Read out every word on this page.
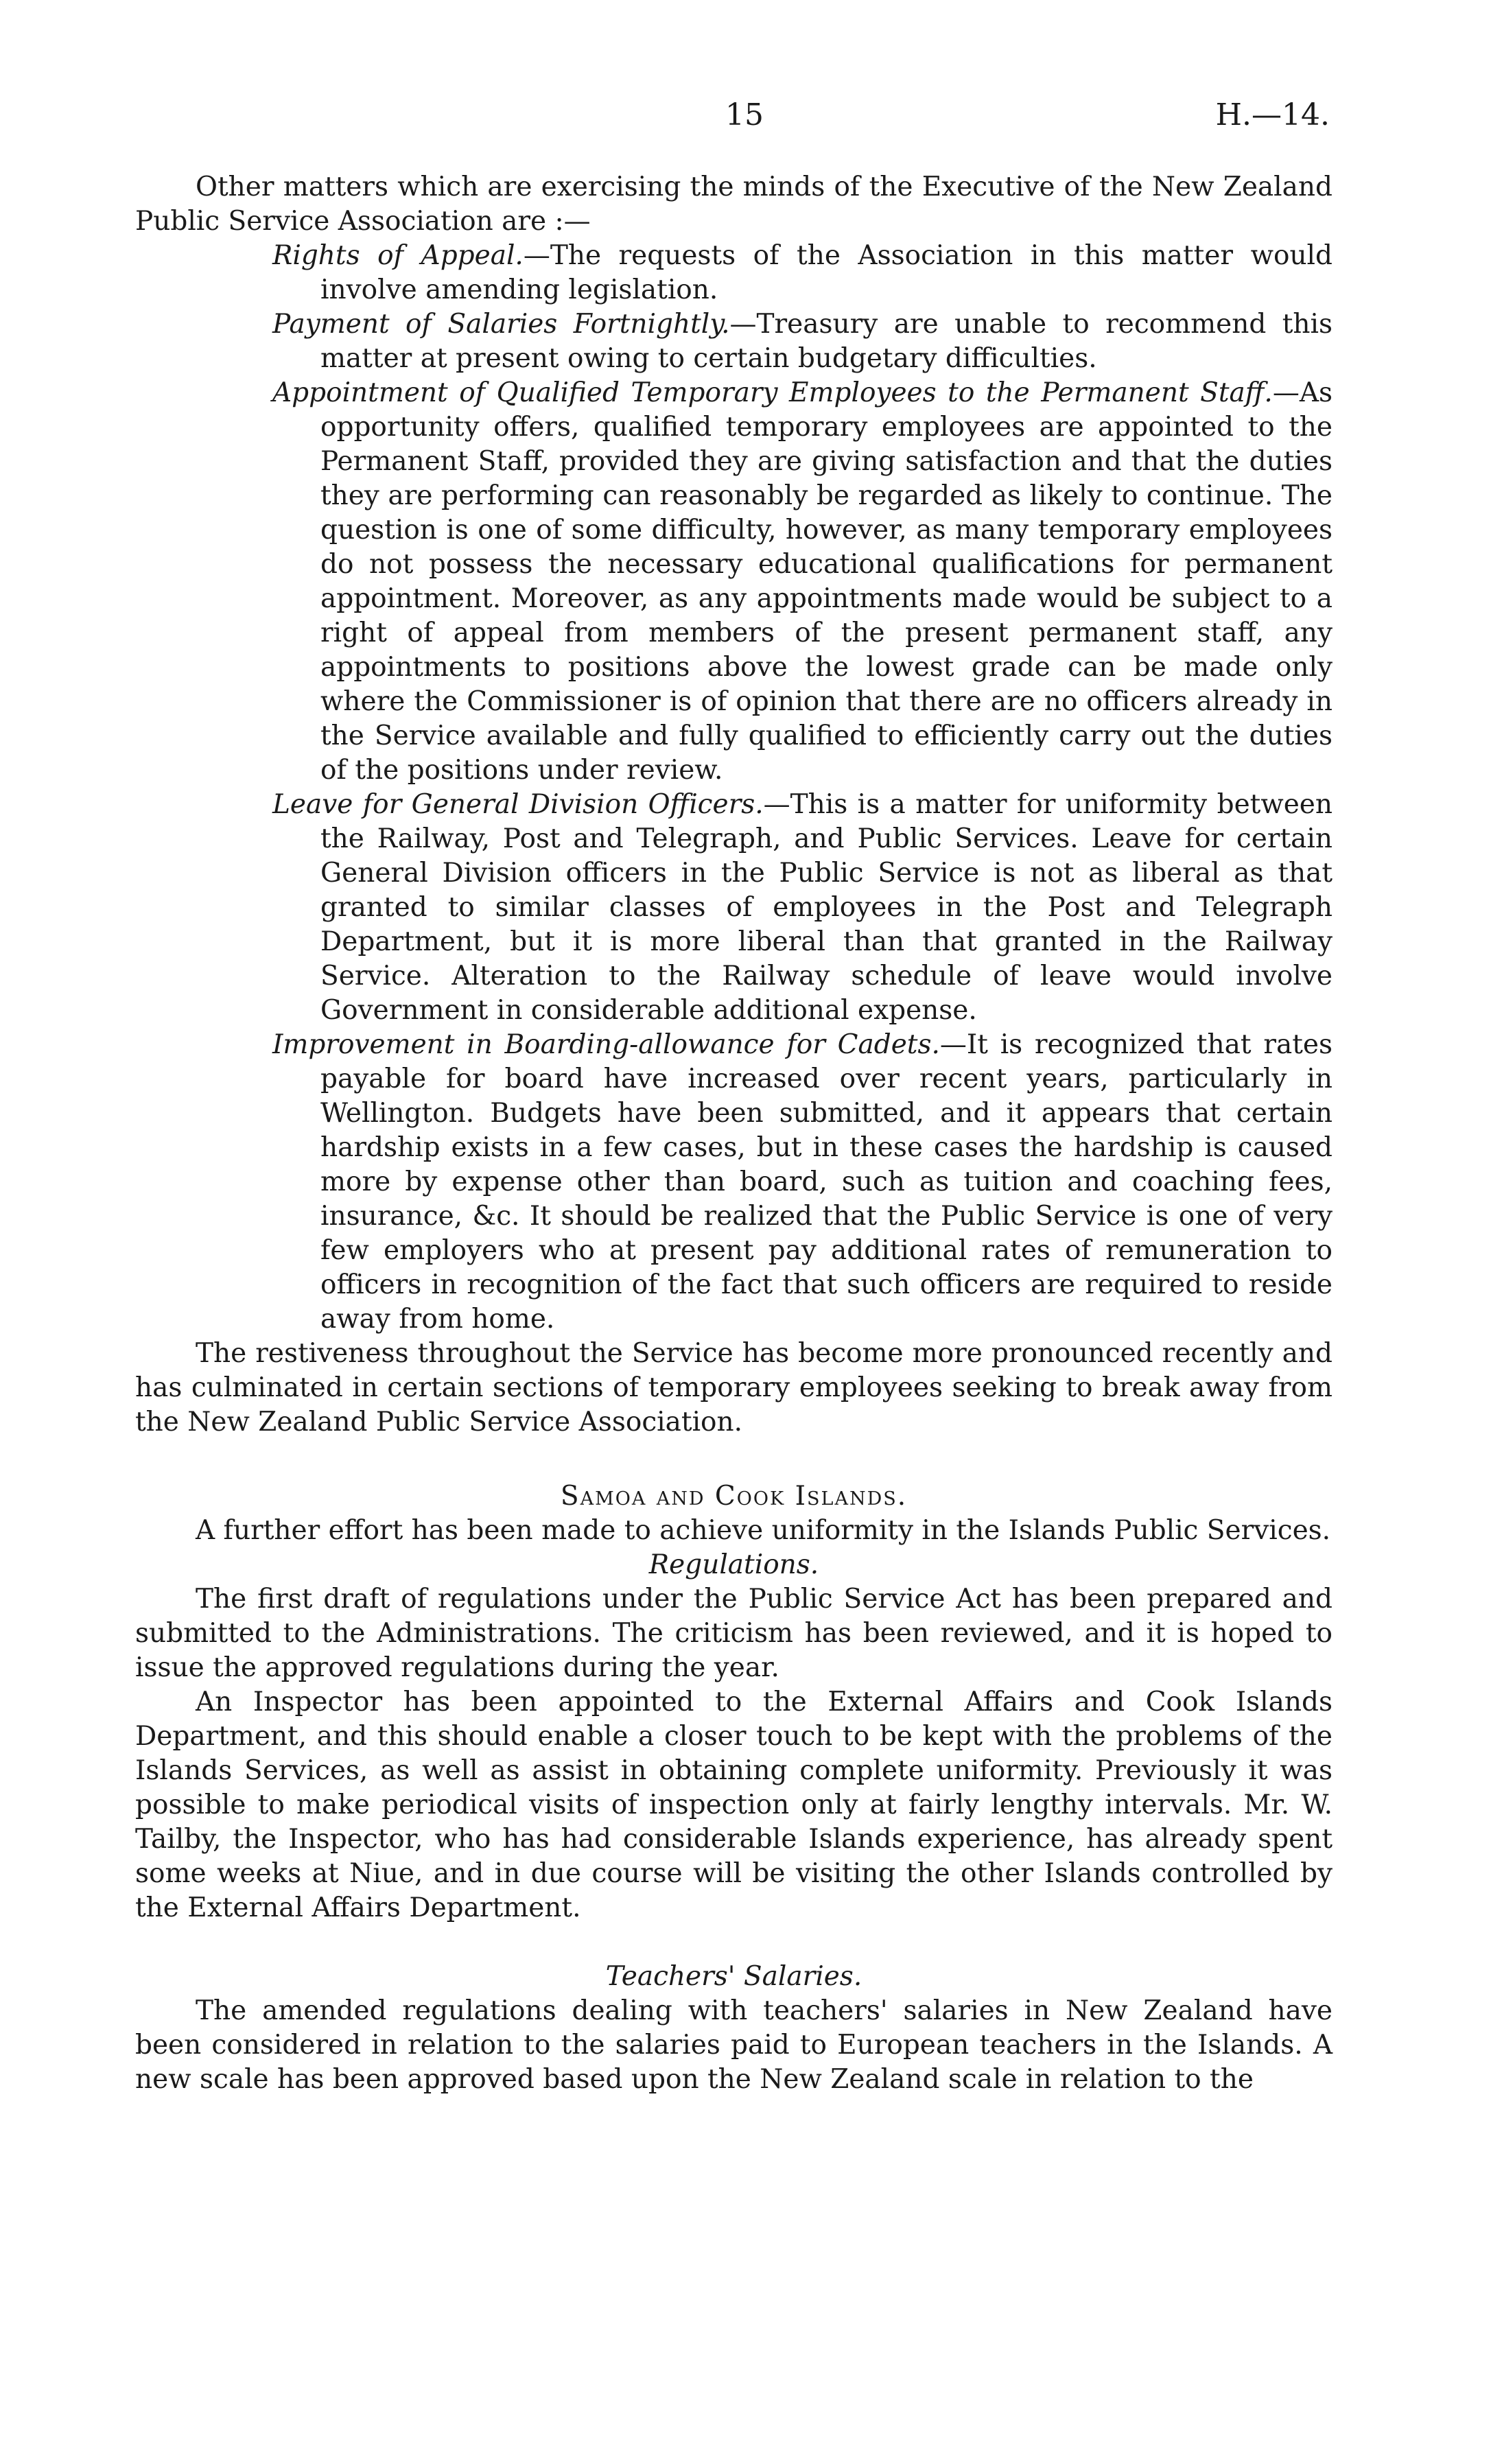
15	H.—14.

Other matters which are exercising the minds of the Executive of the New Zealand Public Service Association are :—

Rights of Appeal.—The requests of the Association in this matter would involve amending legislation.

Payment of Salaries Fortnightly.—Treasury are unable to recommend this matter at present owing to certain budgetary difficulties.

Appointment of Qualified Temporary Employees to the Permanent Staff.—As opportunity offers, qualified temporary employees are appointed to the Permanent Staff, provided they are giving satisfaction and that the duties they are performing can reasonably be regarded as likely to continue. The question is one of some difficulty, however, as many temporary employees do not possess the necessary educational qualifications for permanent appointment. Moreover, as any appointments made would be subject to a right of appeal from members of the present permanent staff, any appointments to positions above the lowest grade can be made only where the Commissioner is of opinion that there are no officers already in the Service available and fully qualified to efficiently carry out the duties of the positions under review.

Leave for General Division Officers.—This is a matter for uniformity between the Railway, Post and Telegraph, and Public Services. Leave for certain General Division officers in the Public Service is not as liberal as that granted to similar classes of employees in the Post and Telegraph Department, but it is more liberal than that granted in the Railway Service. Alteration to the Railway schedule of leave would involve Government in considerable additional expense.

Improvement in Boarding-allowance for Cadets.—It is recognized that rates payable for board have increased over recent years, particularly in Wellington. Budgets have been submitted, and it appears that certain hardship exists in a few cases, but in these cases the hardship is caused more by expense other than board, such as tuition and coaching fees, insurance, &c. It should be realized that the Public Service is one of very few employers who at present pay additional rates of remuneration to officers in recognition of the fact that such officers are required to reside away from home.

The restiveness throughout the Service has become more pronounced recently and has culminated in certain sections of temporary employees seeking to break away from the New Zealand Public Service Association.

Samoa and Cook Islands.

A further effort has been made to achieve uniformity in the Islands Public Services.

Regulations.

The first draft of regulations under the Public Service Act has been prepared and submitted to the Administrations. The criticism has been reviewed, and it is hoped to issue the approved regulations during the year.

An Inspector has been appointed to the External Affairs and Cook Islands Department, and this should enable a closer touch to be kept with the problems of the Islands Services, as well as assist in obtaining complete uniformity. Previously it was possible to make periodical visits of inspection only at fairly lengthy intervals. Mr. W. Tailby, the Inspector, who has had considerable Islands experience, has already spent some weeks at Niue, and in due course will be visiting the other Islands controlled by the External Affairs Department.

Teachers' Salaries.

The amended regulations dealing with teachers' salaries in New Zealand have been considered in relation to the salaries paid to European teachers in the Islands. A new scale has been approved based upon the New Zealand scale in relation to the
